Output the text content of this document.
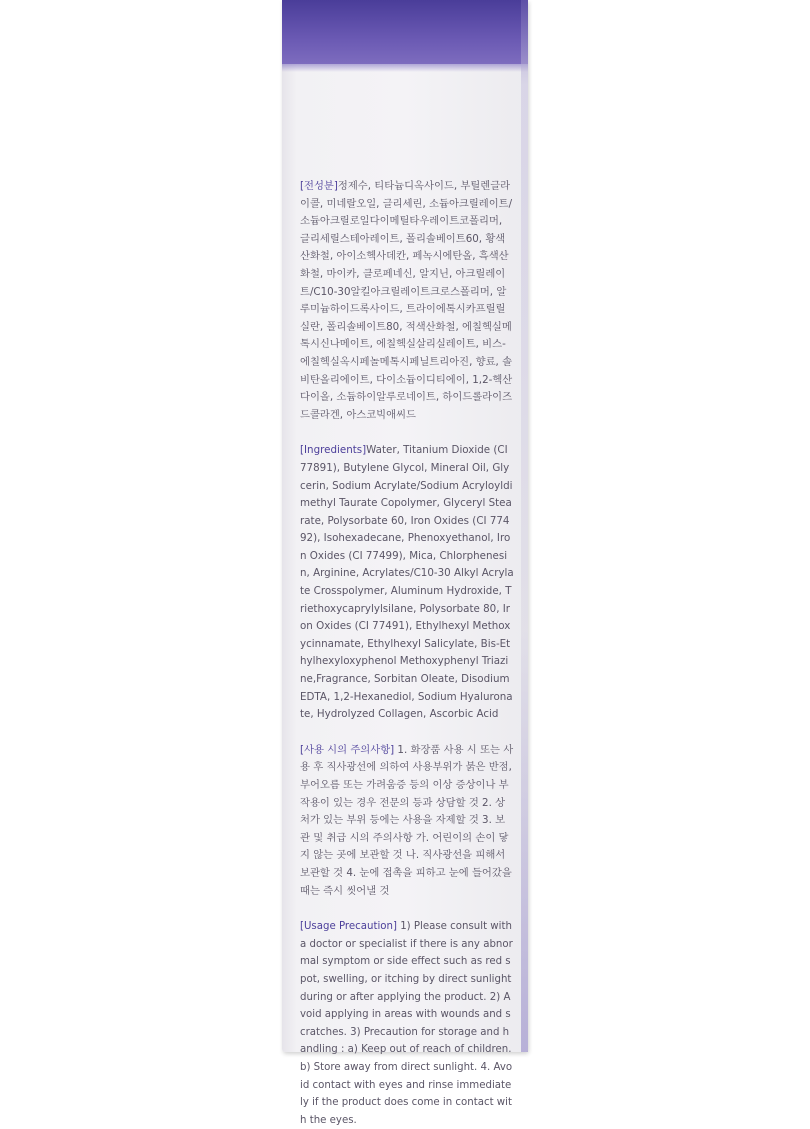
[전성분]정제수, 티타늄디옥사이드, 부틸렌글라이콜, 미네랄오일, 글리세린, 소듐아크릴레이트/소듐아크릴로일다이메틸타우레이트코폴리머, 글리세릴스테아레이트, 폴리솔베이트60, 황색산화철, 아이소헥사데칸, 페녹시에탄올, 흑색산화철, 마이카, 클로페네신, 알지닌, 아크릴레이트/C10-30알킬아크릴레이트크로스폴리머, 알루미늄하이드록사이드, 트라이에톡시카프릴릴실란, 폴리솔베이트80, 적색산화철, 에칠헥실메톡시신나메이트, 에칠헥실살리실레이트, 비스-에칠헥실옥시페놀메톡시페닐트리아진, 향료, 솔비탄올리에이트, 다이소듐이디티에이, 1,2-헥산다이올, 소듐하이알루로네이트, 하이드롤라이즈드콜라겐, 아스코빅애씨드

[Ingredients]Water, Titanium Dioxide (CI 77891), Butylene Glycol, Mineral Oil, Glycerin, Sodium Acrylate/Sodium Acryloyldimethyl Taurate Copolymer, Glyceryl Stearate, Polysorbate 60, Iron Oxides (CI 77492), Isohexadecane, Phenoxyethanol, Iron Oxides (CI 77499), Mica, Chlorphenesin, Arginine, Acrylates/C10-30 Alkyl Acrylate Crosspolymer, Aluminum Hydroxide, Triethoxycaprylylsilane, Polysorbate 80, Iron Oxides (CI 77491), Ethylhexyl Methoxycinnamate, Ethylhexyl Salicylate, Bis-Ethylhexyloxyphenol Methoxyphenyl Triazine,Fragrance, Sorbitan Oleate, Disodium EDTA, 1,2-Hexanediol, Sodium Hyaluronate, Hydrolyzed Collagen, Ascorbic Acid

[사용 시의 주의사항] 1. 화장품 사용 시 또는 사용 후 직사광선에 의하여 사용부위가 붉은 반점, 부어오름 또는 가려움증 등의 이상 증상이나 부작용이 있는 경우 전문의 등과 상담할 것 2. 상처가 있는 부위 등에는 사용을 자제할 것 3. 보관 및 취급 시의 주의사항 가. 어린이의 손이 닿지 않는 곳에 보관할 것 나. 직사광선을 피해서 보관할 것 4. 눈에 접촉을 피하고 눈에 들어갔을 때는 즉시 씻어낼 것

[Usage Precaution] 1) Please consult with a doctor or specialist if there is any abnormal symptom or side effect such as red spot, swelling, or itching by direct sunlight during or after applying the product. 2) Avoid applying in areas with wounds and scratches. 3) Precaution for storage and handling : a) Keep out of reach of children. b) Store away from direct sunlight. 4. Avoid contact with eyes and rinse immediately if the product does come in contact with the eyes.
